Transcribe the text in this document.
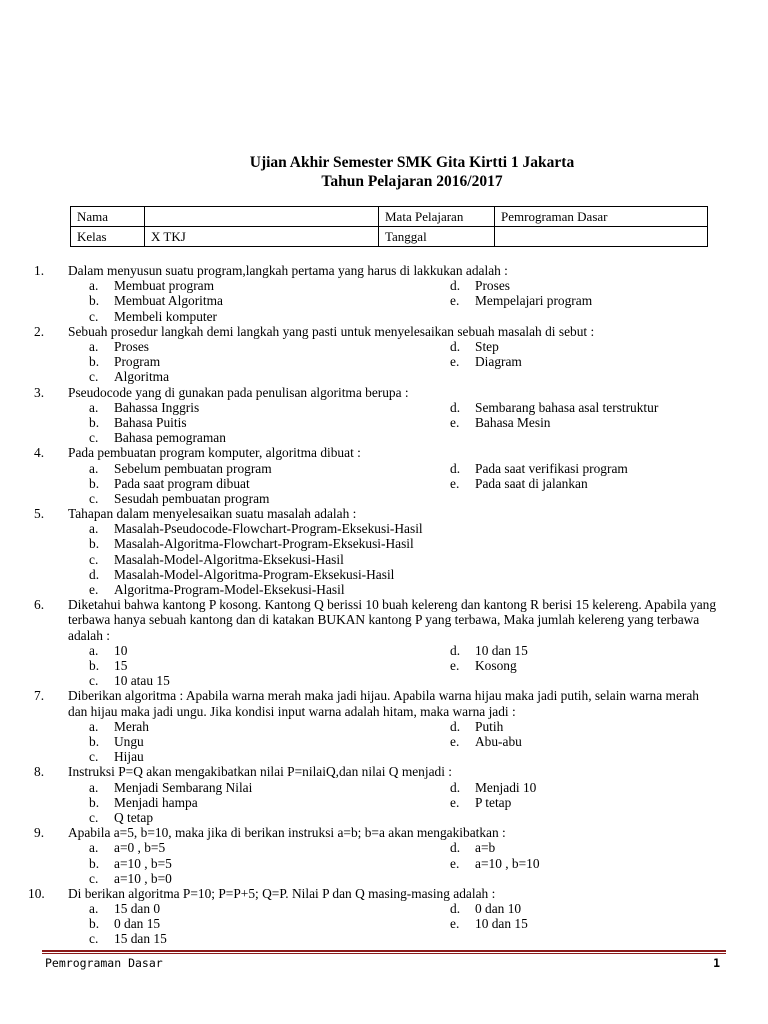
Ujian Akhir Semester SMK Gita Kirtti 1 Jakarta
Tahun Pelajaran 2016/2017
Nama		Mata Pelajaran	Pemrograman Dasar
Kelas	X TKJ	Tanggal	
1.	Dalam menyusun suatu program,langkah pertama yang harus di lakkukan adalah :
a. Membuat program	d. Proses
b. Membuat Algoritma	e. Mempelajari program
c. Membeli komputer
2.	Sebuah prosedur langkah demi langkah yang pasti untuk menyelesaikan sebuah masalah di sebut :
a. Proses	d. Step
b. Program	e. Diagram
c. Algoritma
3.	Pseudocode yang di gunakan pada penulisan algoritma berupa :
a. Bahassa Inggris	d. Sembarang bahasa asal terstruktur
b. Bahasa Puitis	e. Bahasa Mesin
c. Bahasa pemograman
4.	Pada pembuatan program komputer, algoritma dibuat :
a. Sebelum pembuatan program	d. Pada saat verifikasi program
b. Pada saat program dibuat	e. Pada saat di jalankan
c. Sesudah pembuatan program
5.	Tahapan dalam menyelesaikan suatu masalah adalah :
a. Masalah-Pseudocode-Flowchart-Program-Eksekusi-Hasil
b. Masalah-Algoritma-Flowchart-Program-Eksekusi-Hasil
c. Masalah-Model-Algoritma-Eksekusi-Hasil
d. Masalah-Model-Algoritma-Program-Eksekusi-Hasil
e. Algoritma-Program-Model-Eksekusi-Hasil
6.	Diketahui bahwa kantong P kosong. Kantong Q berissi 10 buah kelereng dan kantong R berisi 15 kelereng. Apabila yang terbawa hanya sebuah kantong dan di katakan BUKAN kantong P yang terbawa, Maka jumlah kelereng yang terbawa adalah :
a. 10	d. 10 dan 15
b. 15	e. Kosong
c. 10 atau 15
7.	Diberikan algoritma : Apabila warna merah maka jadi hijau. Apabila warna hijau maka jadi putih, selain warna merah dan hijau maka jadi ungu. Jika kondisi input warna adalah hitam, maka warna jadi :
a. Merah	d. Putih
b. Ungu	e. Abu-abu
c. Hijau
8.	Instruksi P=Q akan mengakibatkan nilai P=nilaiQ,dan nilai Q menjadi :
a. Menjadi Sembarang Nilai	d. Menjadi 10
b. Menjadi hampa	e. P tetap
c. Q tetap
9.	Apabila a=5, b=10, maka jika di berikan instruksi a=b; b=a akan mengakibatkan :
a. a=0 , b=5	d. a=b
b. a=10 , b=5	e. a=10 , b=10
c. a=10 , b=0
10.	Di berikan algoritma P=10; P=P+5; Q=P. Nilai P dan Q masing-masing adalah :
a. 15 dan 0	d. 0 dan 10
b. 0 dan 15	e. 10 dan 15
c. 15 dan 15
Pemrograman Dasar	1
